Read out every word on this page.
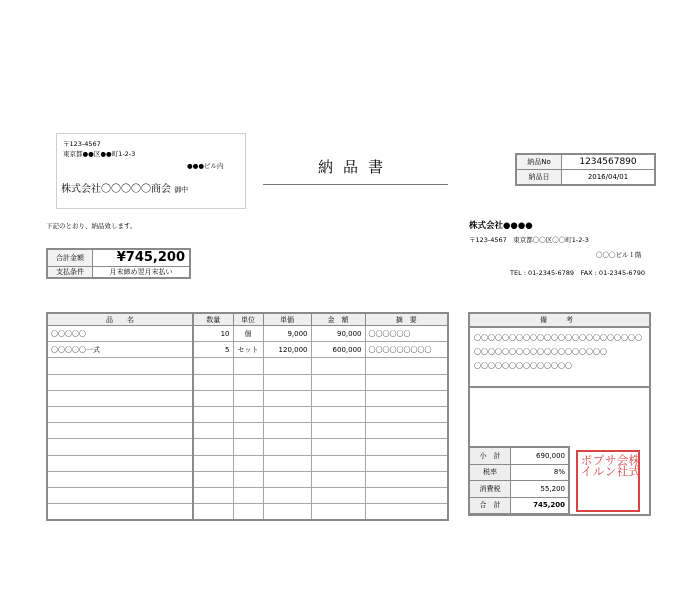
〒123-4567
東京都●●区●●町1-2-3
●●●ビル内
株式会社〇〇〇〇〇商会 御中
納品書	納品No	1234567890
納品日	2016/04/01
下記のとおり、納品致します。	株式会社●●●●
〒123-4567　東京都〇〇区〇〇町1-2-3
〇〇〇ビル１階
TEL : 01-2345-6789　FAX : 01-2345-6790
合計金額	¥745,200
支払条件	月末締め翌月末払い
品　　名	数量	単位	単価	金　額	摘　要
〇〇〇〇〇	10	個	9,000	90,000	〇〇〇〇〇〇
〇〇〇〇〇一式	5	セット	120,000	600,000	〇〇〇〇〇〇〇〇〇

備　考
〇〇〇〇〇〇〇〇〇〇〇〇〇〇〇〇〇〇〇〇〇〇〇〇
〇〇〇〇〇〇〇〇〇〇〇〇〇〇〇〇〇〇〇
〇〇〇〇〇〇〇〇〇〇〇〇〇〇
小　計	690,000
税率	8%
消費税	55,200
合　計	745,200
株式
会社
サン
プル
ボイ
